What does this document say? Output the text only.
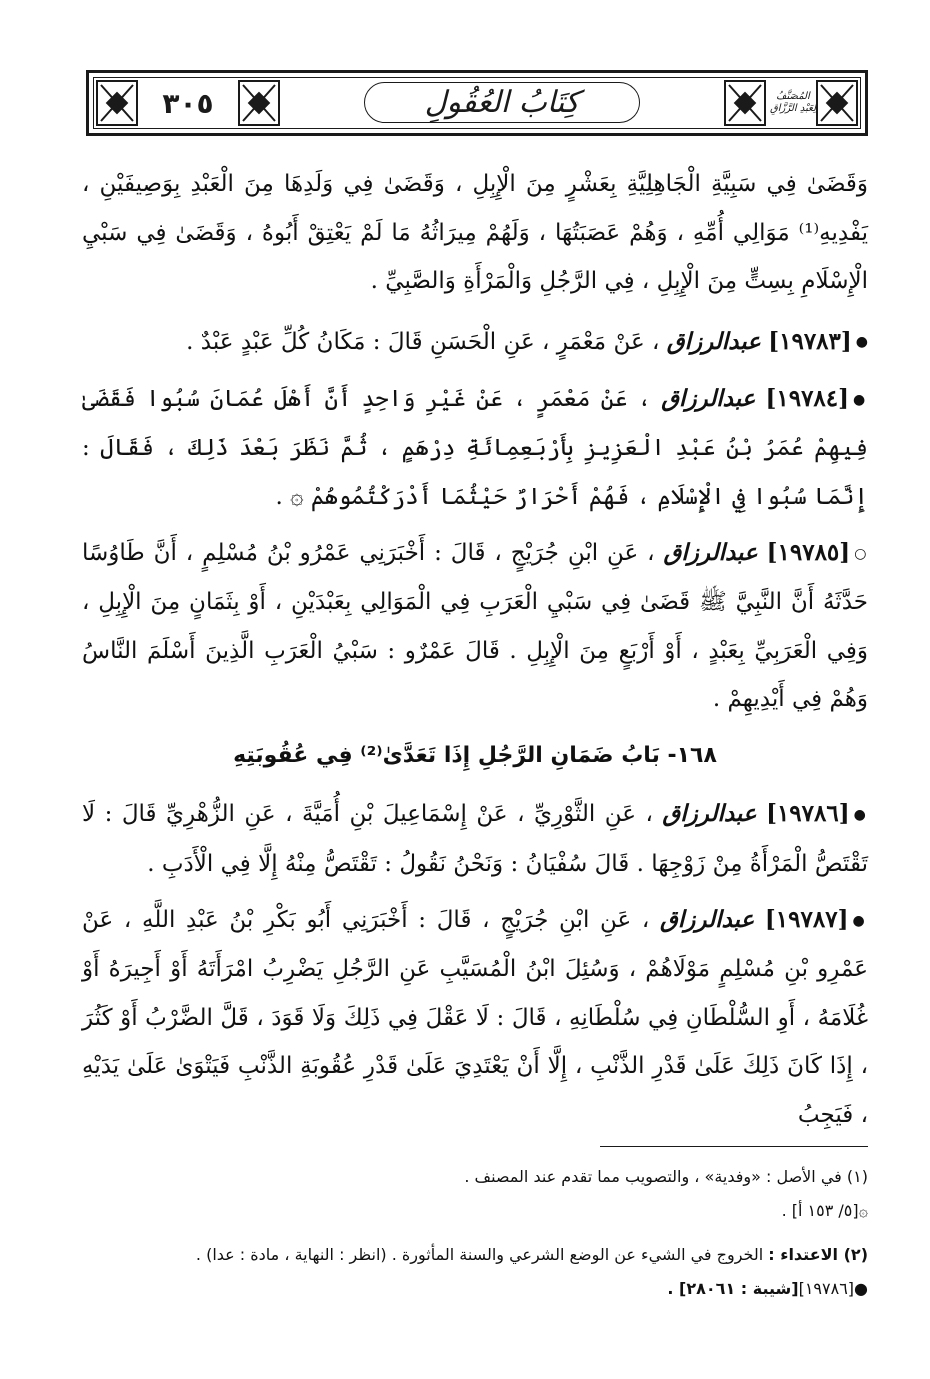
٣٠٥	كِتَابُ العُقُولِ	المُصَنَّفُ
لِعَبْدِ الرَّزَّاقِ

وَقَضَىٰ فِي سَبِيَّةِ الْجَاهِلِيَّةِ بِعَشْرٍ مِنَ الْإِبِلِ ، وَقَضَىٰ فِي وَلَدِهَا مِنَ الْعَبْدِ بِوَصِيفَيْنِ ، يَفْدِيهِ⁽¹⁾ مَوَالِي أُمِّهِ ، وَهُمْ عَصَبَتُهَا ، وَلَهُمْ مِيرَاثُهُ مَا لَمْ يَعْتِقْ أَبُوهُ ، وَقَضَىٰ فِي سَبْيِ الْإِسْلَامِ بِسِتٍّ مِنَ الْإِبِلِ ، فِي الرَّجُلِ وَالْمَرْأَةِ وَالصَّبِيِّ .

●[١٩٧٨٣] عبدالرزاق ، عَنْ مَعْمَرٍ ، عَنِ الْحَسَنِ قَالَ : مَكَانُ كُلِّ عَبْدٍ عَبْدٌ .

●[١٩٧٨٤] عبدالرزاق ، عَنْ مَعْمَرٍ ، عَنْ غَيْرِ وَاحِدٍ أَنَّ أَهْلَ عُمَانَ سُبُوا فَقَضَىٰ فِيهِمْ عُمَرُ بْنُ عَبْدِ الْعَزِيزِ بِأَرْبَعِمِائَةِ دِرْهَمٍ ، ثُمَّ نَظَرَ بَعْدَ ذَلِكَ ، فَقَالَ : إِنَّمَا سُبُوا فِي الْإِسْلَامِ ، فَهُمْ أَحْرَارٌ حَيْثُمَا أَدْرَكْتُمُوهُمْ ۞ .

○[١٩٧٨٥] عبدالرزاق ، عَنِ ابْنِ جُرَيْجٍ ، قَالَ : أَخْبَرَنِي عَمْرُو بْنُ مُسْلِمٍ ، أَنَّ طَاوُسًا حَدَّثَهُ أَنَّ النَّبِيَّ ﷺ قَضَىٰ فِي سَبْيِ الْعَرَبِ فِي الْمَوَالِي بِعَبْدَيْنِ ، أَوْ بِثَمَانٍ مِنَ الْإِبِلِ ، وَفِي الْعَرَبِيِّ بِعَبْدٍ ، أَوْ أَرْبَعٍ مِنَ الْإِبِلِ . قَالَ عَمْرٌو : سَبْيُ الْعَرَبِ الَّذِينَ أَسْلَمَ النَّاسُ وَهُمْ فِي أَيْدِيهِمْ .

١٦٨- بَابُ ضَمَانِ الرَّجُلِ إِذَا تَعَدَّىٰ⁽²⁾ فِي عُقُوبَتِهِ

●[١٩٧٨٦] عبدالرزاق ، عَنِ الثَّوْرِيِّ ، عَنْ إِسْمَاعِيلَ بْنِ أُمَيَّةَ ، عَنِ الزُّهْرِيِّ قَالَ : لَا تَقْتَصُّ الْمَرْأَةُ مِنْ زَوْجِهَا . قَالَ سُفْيَانُ : وَنَحْنُ نَقُولُ : تَقْتَصُّ مِنْهُ إِلَّا فِي الْأَدَبِ .

●[١٩٧٨٧] عبدالرزاق ، عَنِ ابْنِ جُرَيْجٍ ، قَالَ : أَخْبَرَنِي أَبُو بَكْرِ بْنُ عَبْدِ اللَّهِ ، عَنْ عَمْرِو بْنِ مُسْلِمٍ مَوْلَاهُمْ ، وَسُئِلَ ابْنُ الْمُسَيَّبِ عَنِ الرَّجُلِ يَضْرِبُ امْرَأَتَهُ أَوْ أَجِيرَهُ أَوْ غُلَامَهُ ، أَوِ السُّلْطَانِ فِي سُلْطَانِهِ ، قَالَ : لَا عَقْلَ فِي ذَلِكَ وَلَا قَوَدَ ، قَلَّ الضَّرْبُ أَوْ كَثُرَ ، إِذَا كَانَ ذَلِكَ عَلَىٰ قَدْرِ الذَّنْبِ ، إِلَّا أَنْ يَعْتَدِيَ عَلَىٰ قَدْرِ عُقُوبَةِ الذَّنْبِ فَيَتْوَىٰ عَلَىٰ يَدَيْهِ ، فَيَجِبُ

(١) في الأصل : «وفدية» ، والتصويب مما تقدم عند المصنف .

۞[٥/ ١٥٣ أ] .

(٢) الاعتداء : الخروج في الشيء عن الوضع الشرعي والسنة المأثورة . (انظر : النهاية ، مادة : عدا) .

●[١٩٧٨٦][شيبة : ٢٨٠٦١] .
